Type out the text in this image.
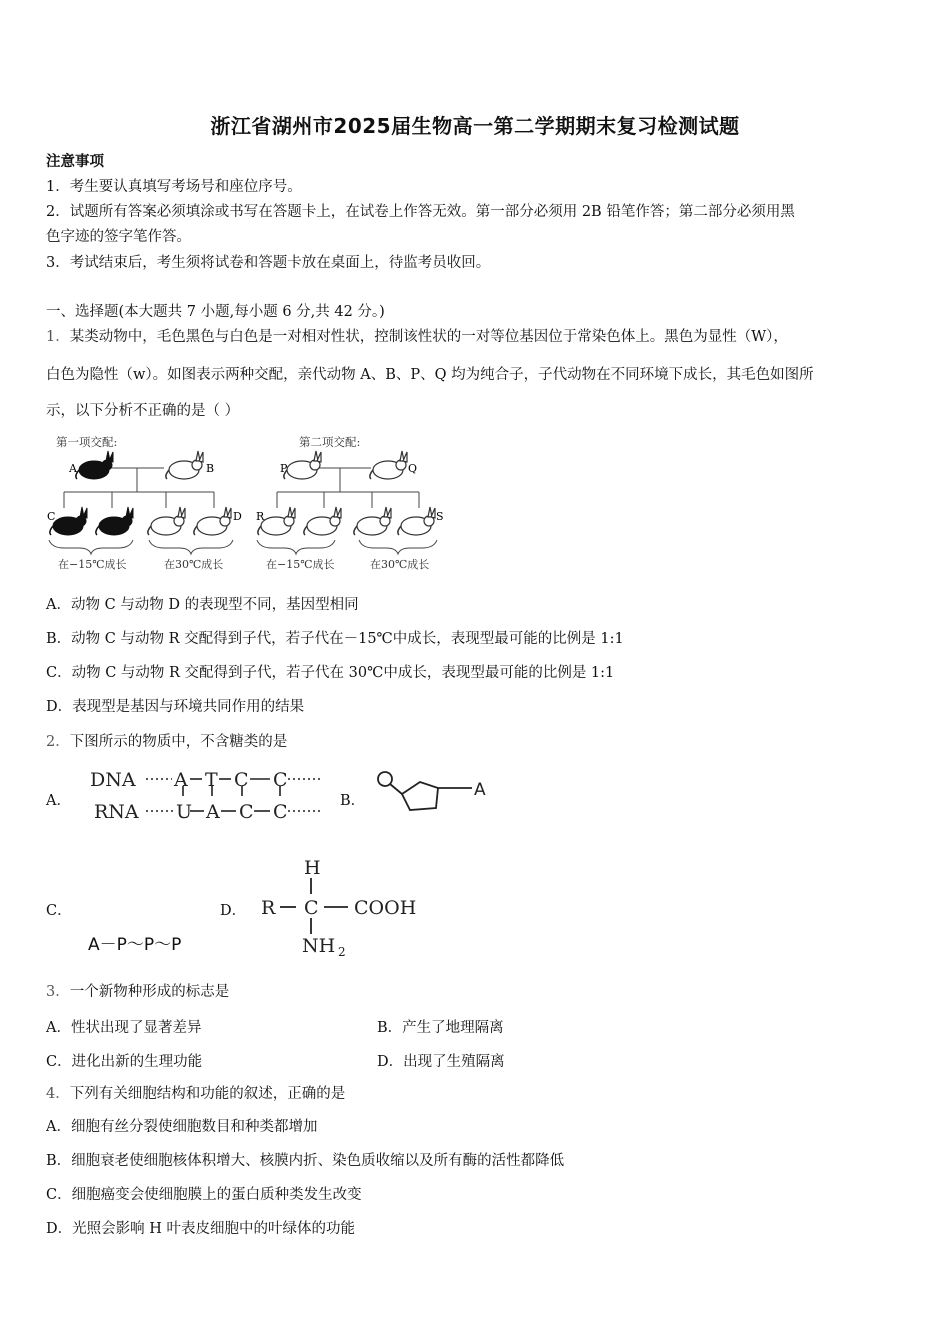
浙江省湖州市2025届生物高一第二学期期末复习检测试题
注意事项
1．考生要认真填写考场号和座位序号。
2．试题所有答案必须填涂或书写在答题卡上，在试卷上作答无效。第一部分必须用 2B 铅笔作答；第二部分必须用黑
色字迹的签字笔作答。
3．考试结束后，考生须将试卷和答题卡放在桌面上，待监考员收回。
一、选择题(本大题共 7 小题,每小题 6 分,共 42 分。)
1．某类动物中，毛色黑色与白色是一对相对性状，控制该性状的一对等位基因位于常染色体上。黑色为显性（W），
白色为隐性（w）。如图表示两种交配，亲代动物 A、B、P、Q 均为纯合子，子代动物在不同环境下成长，其毛色如图所
示，以下分析不正确的是（ ）
第一项交配:	第二项交配:
A	B
C	D
在−15℃成长	在30℃成长
P	Q
R	S
在−15℃成长	在30℃成长
A．动物 C 与动物 D 的表现型不同，基因型相同
B．动物 C 与动物 R 交配得到子代，若子代在－15℃中成长，表现型最可能的比例是 1:1
C．动物 C 与动物 R 交配得到子代，若子代在 30℃中成长，表现型最可能的比例是 1:1
D．表现型是基因与环境共同作用的结果
2．下图所示的物质中，不含糖类的是
A．
DNA A T C C
RNA U A C C	B．
A
C．
A－P～P～P
D．
H
R C COOH
NH 2
3．一个新物种形成的标志是
A．性状出现了显著差异	B．产生了地理隔离
C．进化出新的生理功能	D．出现了生殖隔离
4．下列有关细胞结构和功能的叙述，正确的是
A．细胞有丝分裂使细胞数目和种类都增加
B．细胞衰老使细胞核体积增大、核膜内折、染色质收缩以及所有酶的活性都降低
C．细胞癌变会使细胞膜上的蛋白质种类发生改变
D．光照会影响 H 叶表皮细胞中的叶绿体的功能
